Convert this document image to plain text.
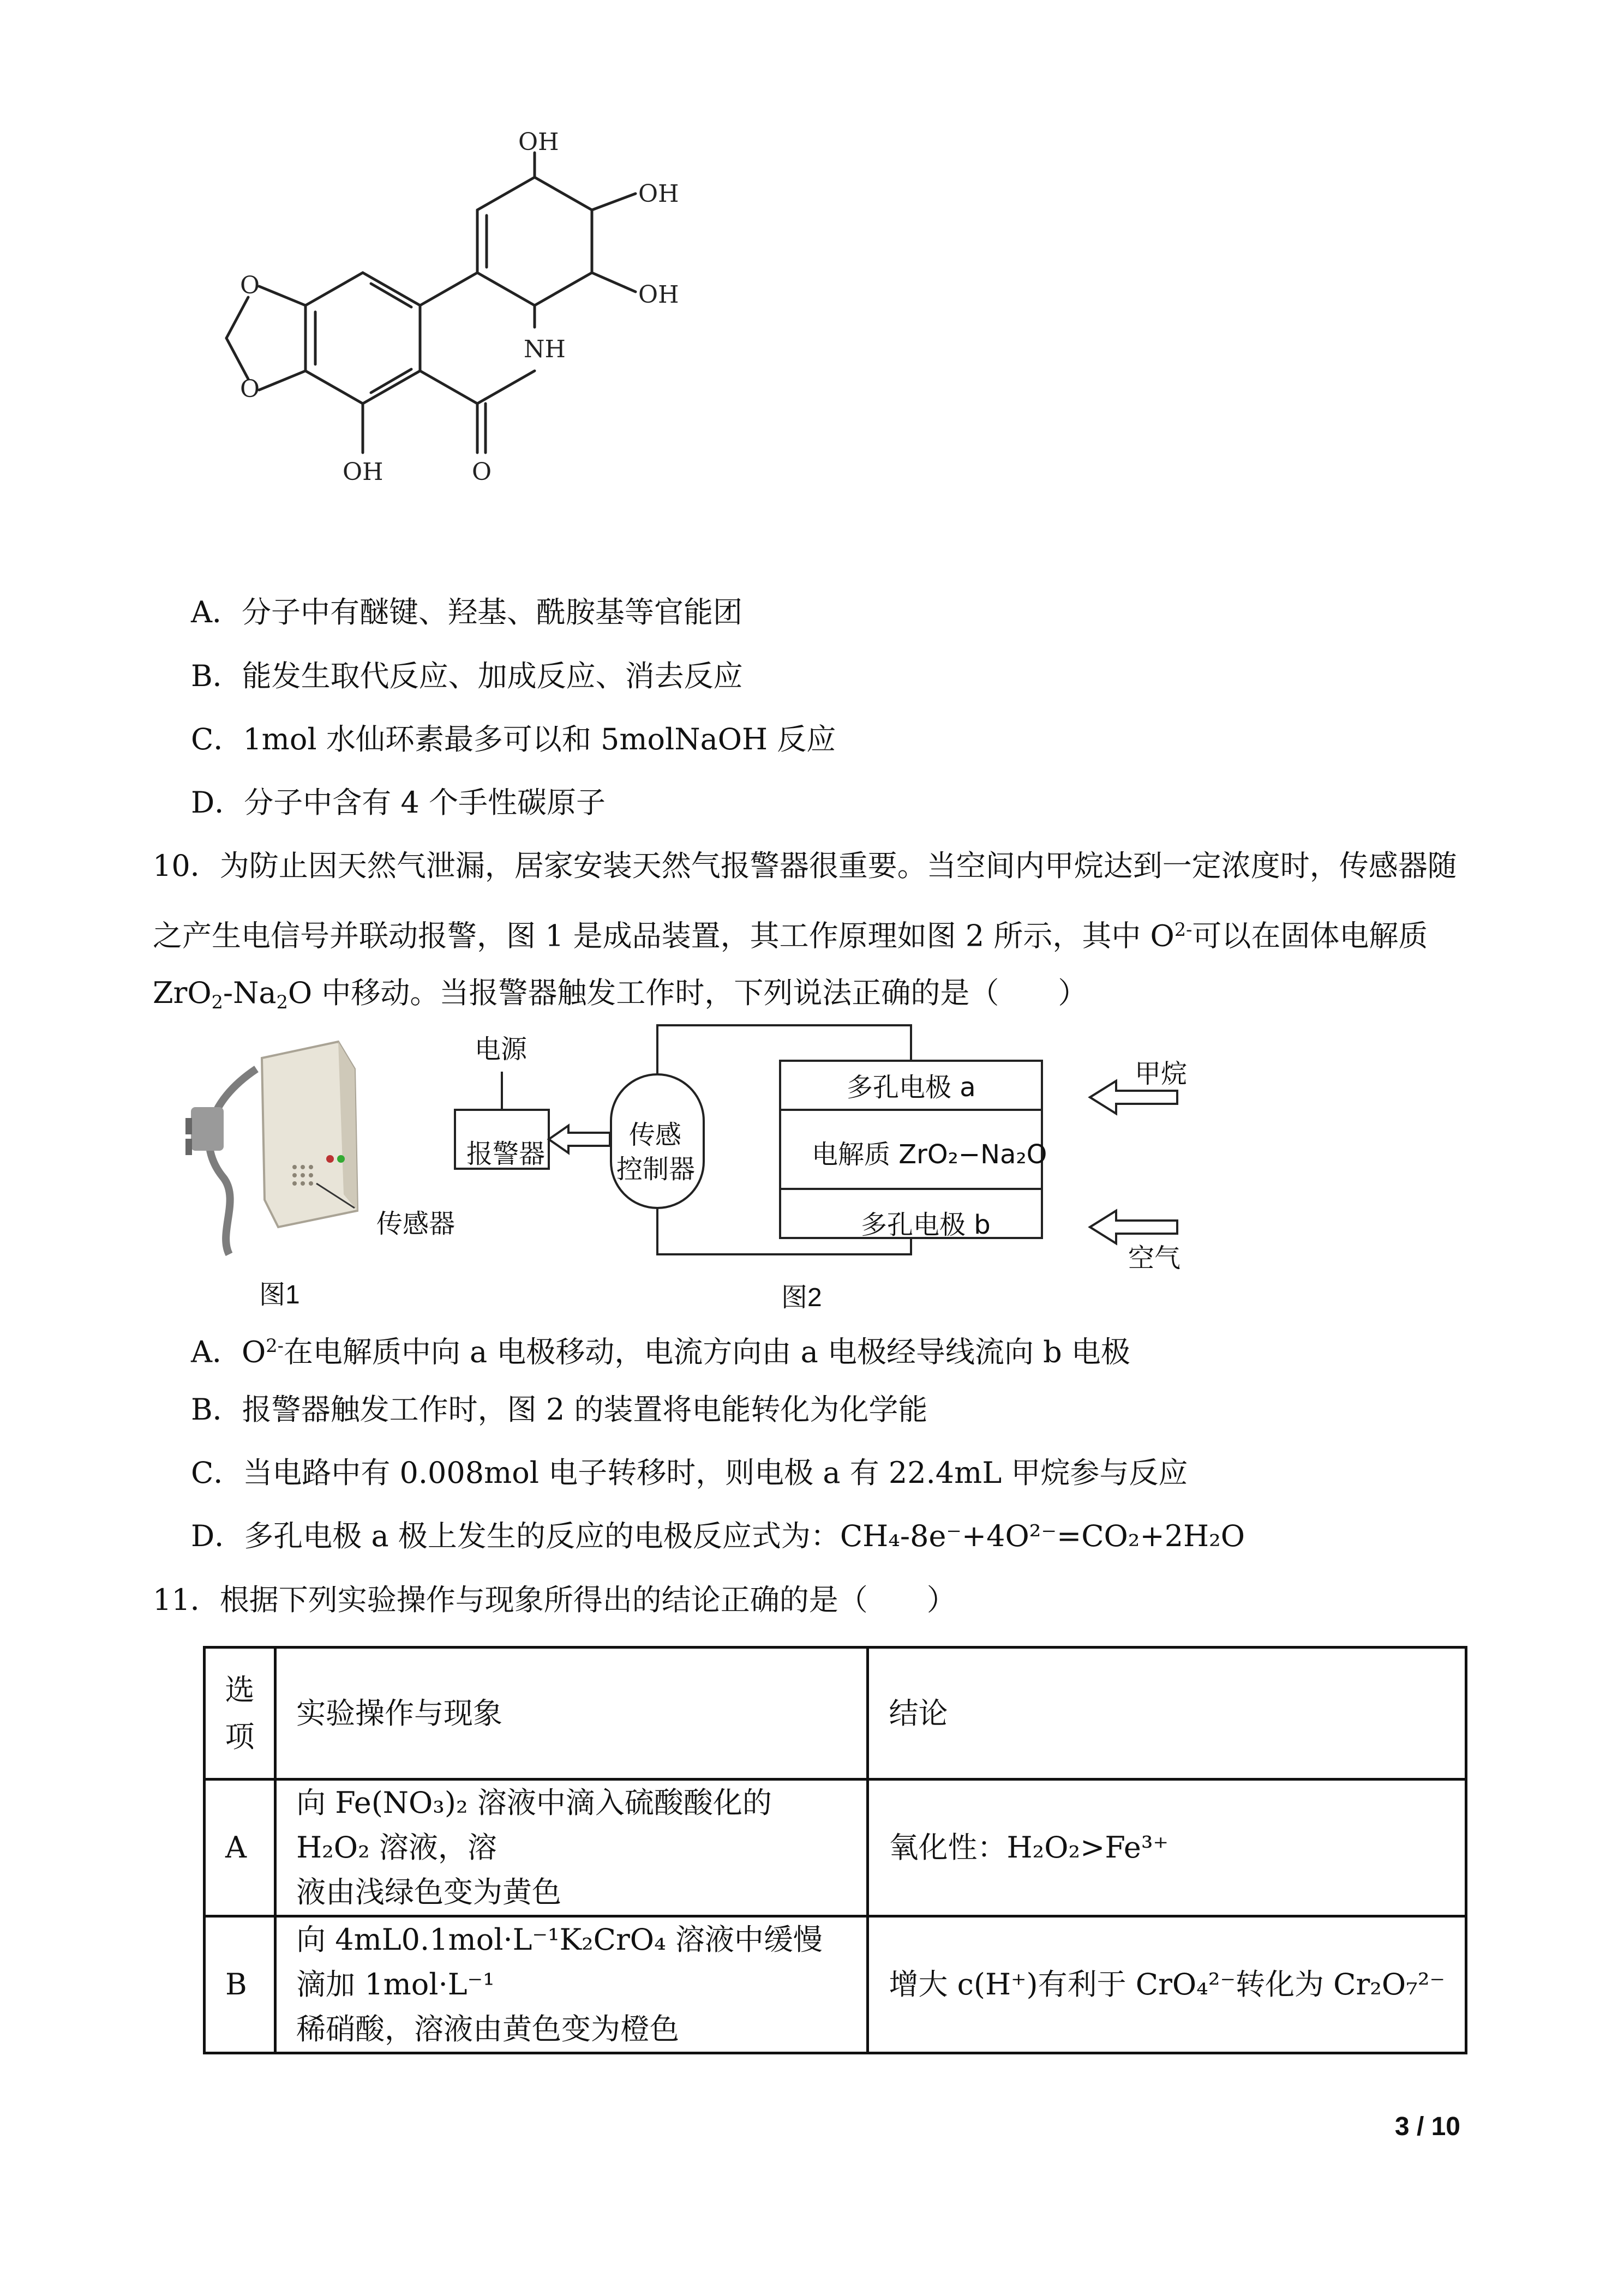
OH
OH
OH
O
O
NH
OH	O
A．分子中有醚键、羟基、酰胺基等官能团
B．能发生取代反应、加成反应、消去反应
C．1mol 水仙环素最多可以和 5molNaOH 反应
D．分子中含有 4 个手性碳原子
10．为防止因天然气泄漏，居家安装天然气报警器很重要。当空间内甲烷达到一定浓度时，传感器随
之产生电信号并联动报警，图 1 是成品装置，其工作原理如图 2 所示，其中 $O^{2-}$可以在固体电解质
$ZrO_2-Na_2O$ 中移动。当报警器触发工作时，下列说法正确的是（　　）
传感器
图1
电源
报警器
传感
控制器
多孔电极 a
电解质 ZrO₂−Na₂O
多孔电极 b
甲烷
空气
图2
A．$O^{2-}$在电解质中向 a 电极移动，电流方向由 a 电极经导线流向 b 电极
B．报警器触发工作时，图 2 的装置将电能转化为化学能
C．当电路中有 0.008mol 电子转移时，则电极 a 有 22.4mL 甲烷参与反应
D．多孔电极 a 极上发生的反应的电极反应式为：CH₄-8e⁻+4O²⁻=CO₂+2H₂O
11．根据下列实验操作与现象所得出的结论正确的是（　　）
选项	实验操作与现象	结论
A	向 Fe(NO₃)₂ 溶液中滴入硫酸酸化的 H₂O₂ 溶液，溶
液由浅绿色变为黄色	氧化性：H₂O₂>Fe³⁺
B	向 4mL0.1mol·L⁻¹K₂CrO₄ 溶液中缓慢滴加 1mol·L⁻¹
稀硝酸，溶液由黄色变为橙色	增大 c(H⁺)有利于 CrO₄²⁻转化为 Cr₂O₇²⁻
3 / 10
